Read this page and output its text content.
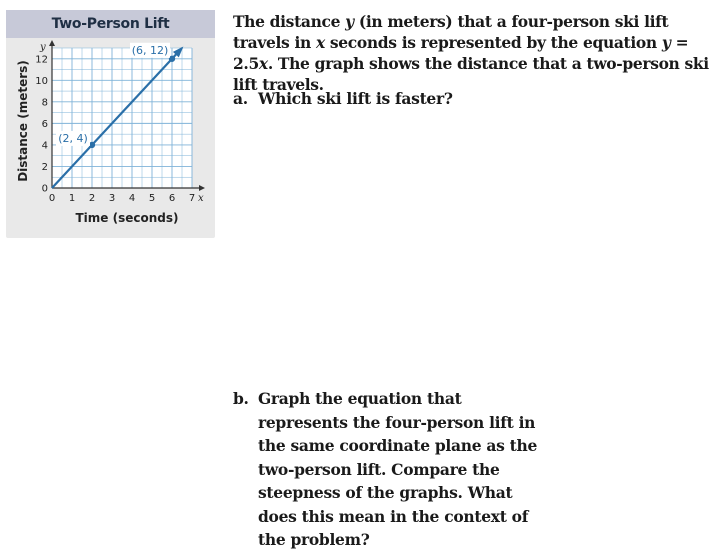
Two-Person Lift
0 1 2 3 4 5 6 7
0
2
4
6
8
10
12
x
y
Time (seconds)
Distance (meters)	(2, 4)
(6, 12)
The distance y (in meters) that a four-person ski lift travels in x seconds is represented by the equation y = 2.5x. The graph shows the distance that a two-person ski lift travels.
a. Which ski lift is faster?
b. Graph the equation that represents the four-person lift in the same coordinate plane as the two-person lift. Compare the steepness of the graphs. What does this mean in the context of the problem?
